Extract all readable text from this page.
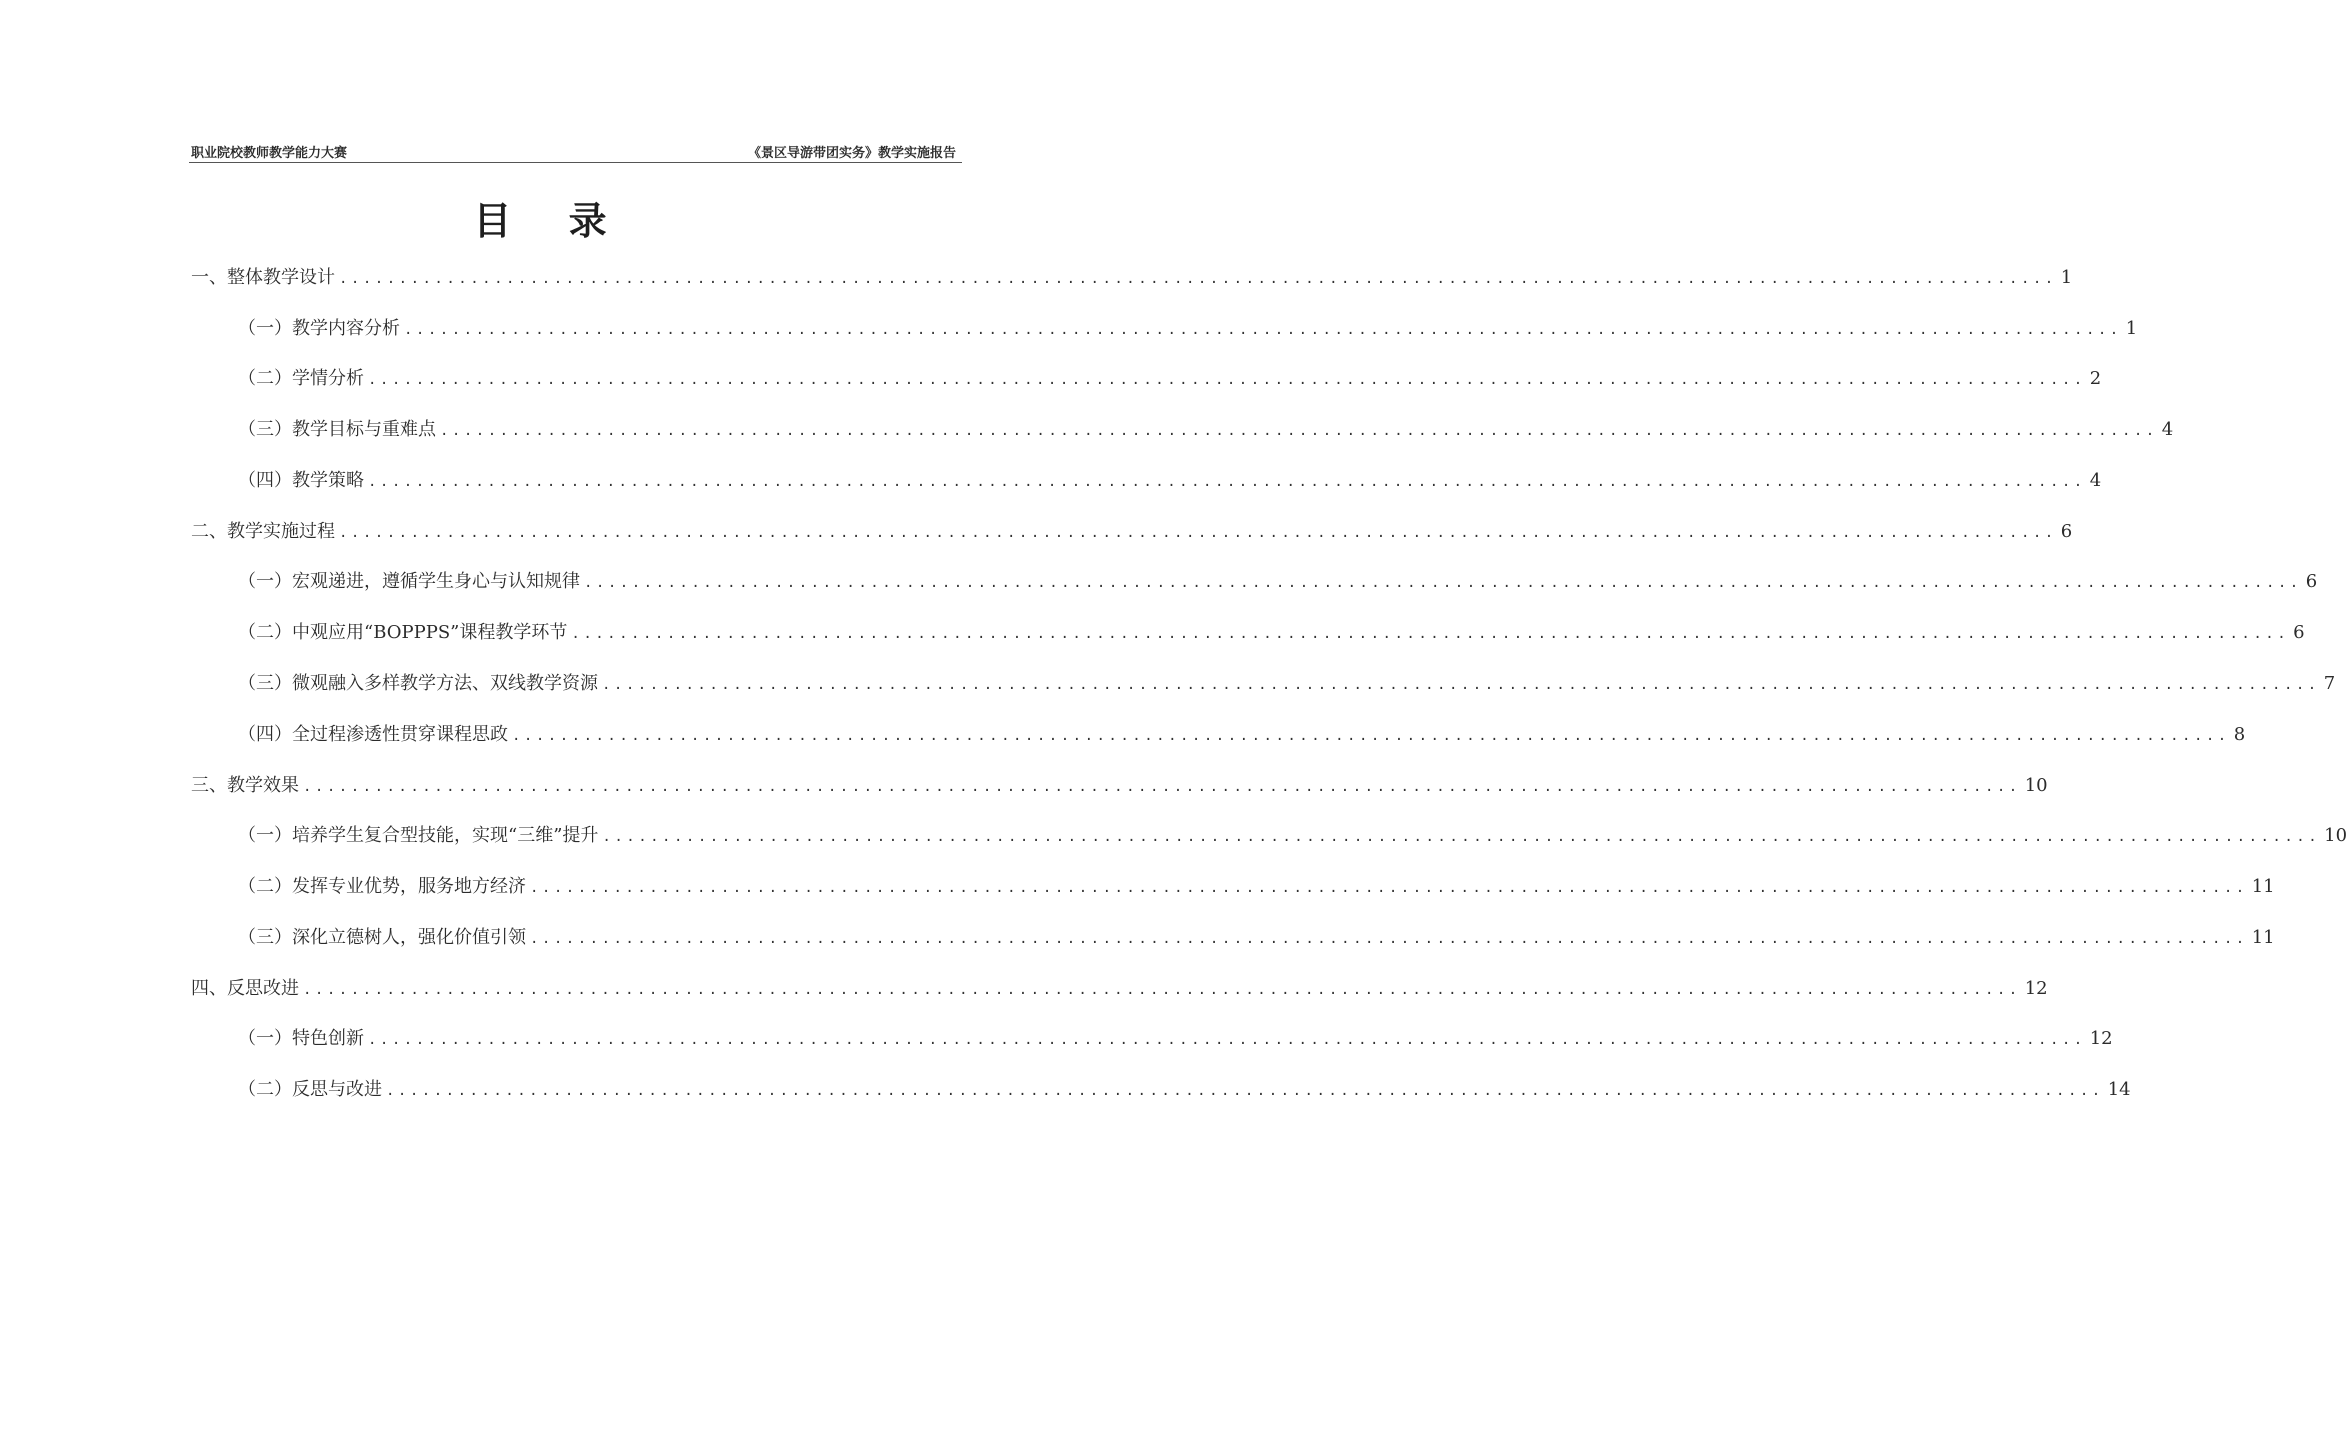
职业院校教师教学能力大赛	《景区导游带团实务》教学实施报告
目 录
一、整体教学设计 ................................................................................................................................................ 1
（一）教学内容分析 ................................................................................................................................................ 1
（二）学情分析 ................................................................................................................................................ 2
（三）教学目标与重难点 ................................................................................................................................................ 4
（四）教学策略 ................................................................................................................................................ 4
二、教学实施过程 ................................................................................................................................................ 6
（一）宏观递进，遵循学生身心与认知规律 ................................................................................................................................................ 6
（二）中观应用“BOPPPS”课程教学环节 ................................................................................................................................................ 6
（三）微观融入多样教学方法、双线教学资源 ................................................................................................................................................ 7
（四）全过程渗透性贯穿课程思政 ................................................................................................................................................ 8
三、教学效果 ................................................................................................................................................ 10
（一）培养学生复合型技能，实现“三维”提升 ................................................................................................................................................ 10
（二）发挥专业优势，服务地方经济 ................................................................................................................................................ 11
（三）深化立德树人，强化价值引领 ................................................................................................................................................ 11
四、反思改进 ................................................................................................................................................ 12
（一）特色创新 ................................................................................................................................................ 12
（二）反思与改进 ................................................................................................................................................ 14
